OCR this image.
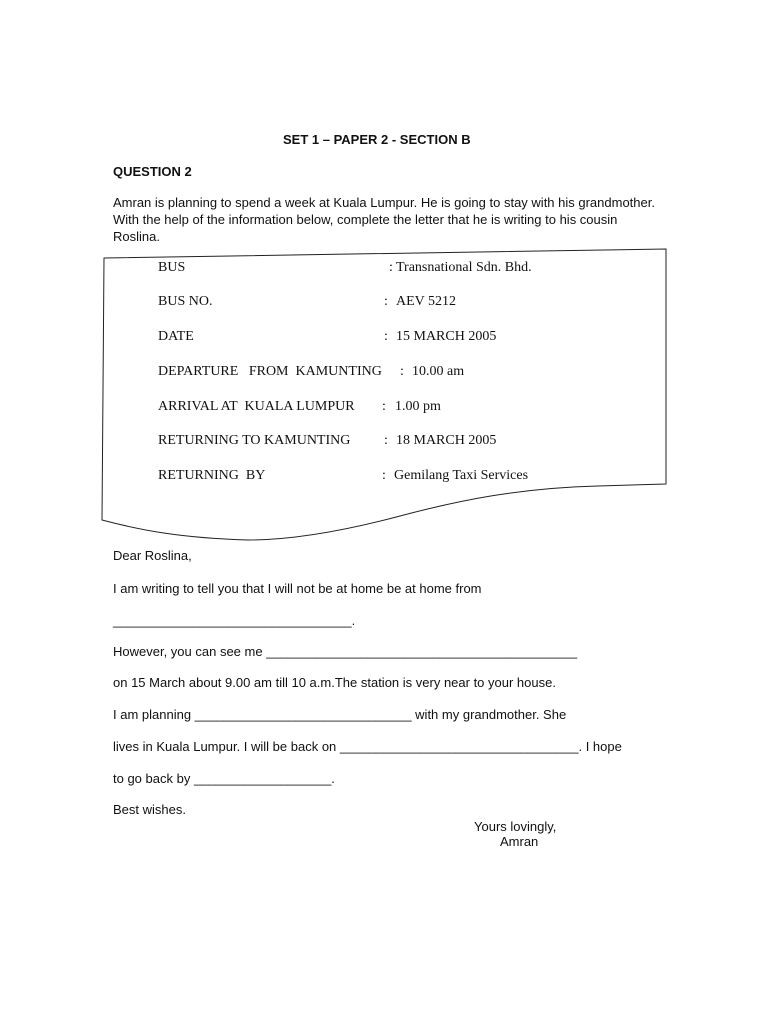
SET 1 – PAPER 2 - SECTION B
QUESTION 2
Amran is planning to spend a week at Kuala Lumpur. He is going to stay with his grandmother. With the help of the information below, complete the letter that he is writing to his cousin Roslina.
BUS	: Transnational Sdn. Bhd.
BUS NO.	: AEV 5212
DATE	: 15 MARCH 2005
DEPARTURE   FROM  KAMUNTING : 10.00 am
ARRIVAL AT  KUALA LUMPUR : 1.00 pm
RETURNING TO KAMUNTING : 18 MARCH 2005
RETURNING  BY	: Gemilang Taxi Services
Dear Roslina,
I am writing to tell you that I will not be at home be at home from
_________________________________.
However, you can see me ___________________________________________
on 15 March about 9.00 am till 10 a.m.The station is very near to your house.
I am planning ______________________________ with my grandmother. She
lives in Kuala Lumpur. I will be back on _________________________________. I hope
to go back by ___________________.
Best wishes.
Yours lovingly,
Amran
